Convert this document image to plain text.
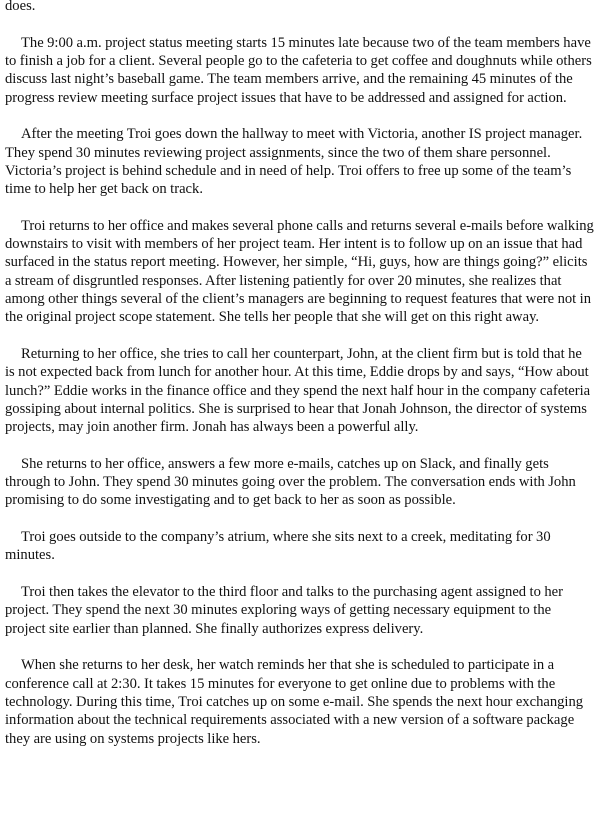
does.

The 9:00 a.m. project status meeting starts 15 minutes late because two of the team members have to finish a job for a client. Several people go to the cafeteria to get coffee and doughnuts while others discuss last night’s baseball game. The team members arrive, and the remaining 45 minutes of the progress review meeting surface project issues that have to be addressed and assigned for action.

After the meeting Troi goes down the hallway to meet with Victoria, another IS project manager. They spend 30 minutes reviewing project assignments, since the two of them share personnel. Victoria’s project is behind schedule and in need of help. Troi offers to free up some of the team’s time to help her get back on track.

Troi returns to her office and makes several phone calls and returns several e-mails before walking downstairs to visit with members of her project team. Her intent is to follow up on an issue that had surfaced in the status report meeting. However, her simple, “Hi, guys, how are things going?” elicits a stream of disgruntled responses. After listening patiently for over 20 minutes, she realizes that among other things several of the client’s managers are beginning to request features that were not in the original project scope statement. She tells her people that she will get on this right away.

Returning to her office, she tries to call her counterpart, John, at the client firm but is told that he is not expected back from lunch for another hour. At this time, Eddie drops by and says, “How about lunch?” Eddie works in the finance office and they spend the next half hour in the company cafeteria gossiping about internal politics. She is surprised to hear that Jonah Johnson, the director of systems projects, may join another firm. Jonah has always been a powerful ally.

She returns to her office, answers a few more e-mails, catches up on Slack, and finally gets through to John. They spend 30 minutes going over the problem. The conversation ends with John promising to do some investigating and to get back to her as soon as possible.

Troi goes outside to the company’s atrium, where she sits next to a creek, meditating for 30 minutes.

Troi then takes the elevator to the third floor and talks to the purchasing agent assigned to her project. They spend the next 30 minutes exploring ways of getting necessary equipment to the project site earlier than planned. She finally authorizes express delivery.

When she returns to her desk, her watch reminds her that she is scheduled to participate in a conference call at 2:30. It takes 15 minutes for everyone to get online due to problems with the technology. During this time, Troi catches up on some e-mail. She spends the next hour exchanging information about the technical requirements associated with a new version of a software package they are using on systems projects like hers.
